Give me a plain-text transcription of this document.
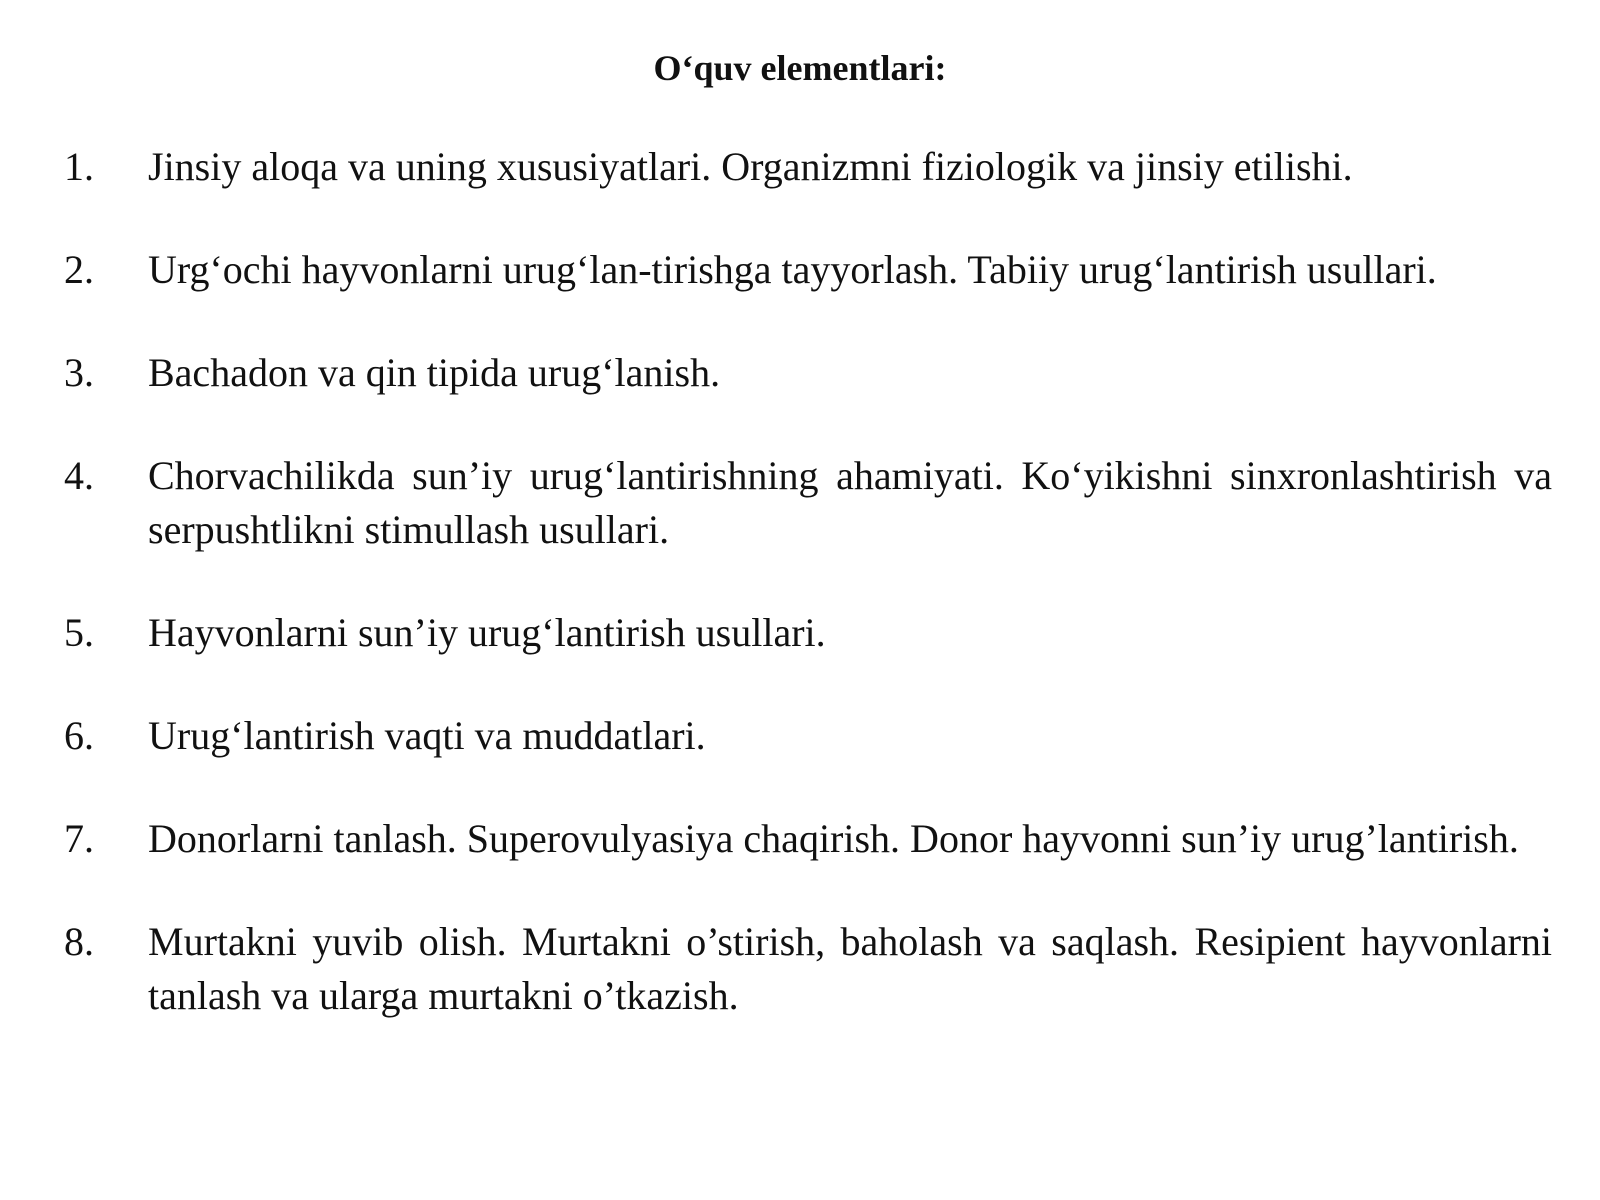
O‘quv elementlari:
1.	Jinsiy aloqa va uning xususiyatlari. Organizmni fiziologik va jinsiy etilishi.
2.	Urg‘ochi hayvonlarni urug‘lan-tirishga tayyorlash. Tabiiy urug‘lantirish usullari.
3.	Bachadon va qin tipida urug‘lanish.
4.	Chorvachilikda sun’iy urug‘lantirishning ahamiyati. Ko‘yikishni sinxronlashtirish va serpushtlikni stimullash usullari.
5.	Hayvonlarni sun’iy urug‘lantirish usullari.
6.	Urug‘lantirish vaqti va muddatlari.
7.	Donorlarni tanlash. Superovulyasiya chaqirish. Donor hayvonni sun’iy urug’lantirish.
8.	Murtakni yuvib olish. Murtakni o’stirish, baholash va saqlash. Resipient hayvonlarni tanlash va ularga murtakni o’tkazish.
